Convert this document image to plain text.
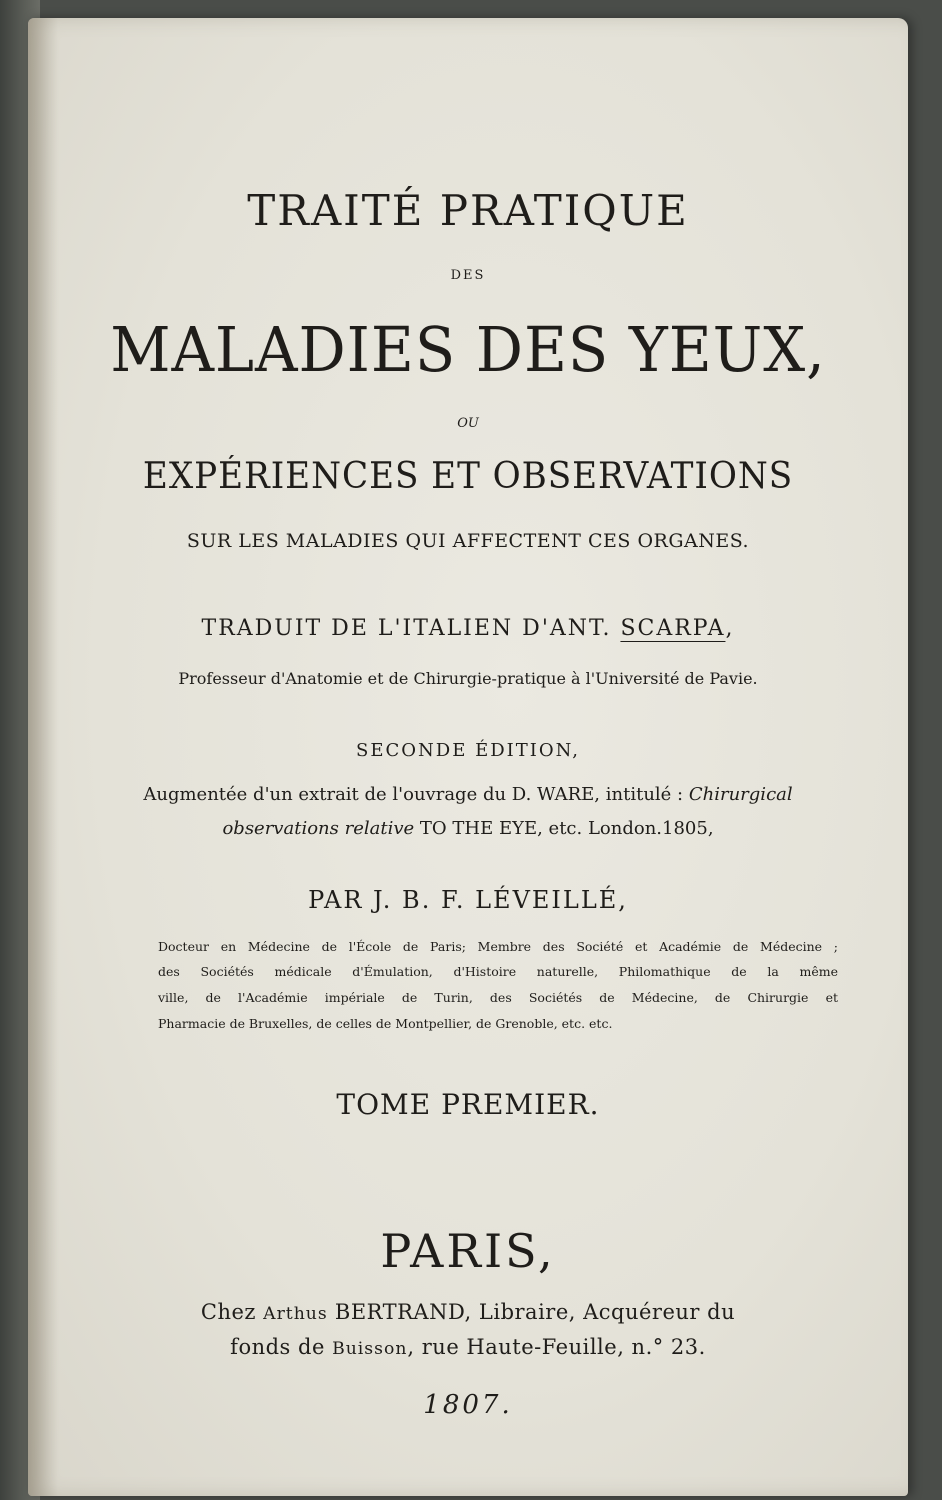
TRAITÉ PRATIQUE
DES
MALADIES DES YEUX,
OU
EXPÉRIENCES ET OBSERVATIONS
SUR LES MALADIES QUI AFFECTENT CES ORGANES.
TRADUIT DE L'ITALIEN D'ANT. SCARPA,
Professeur d'Anatomie et de Chirurgie-pratique à l'Université de Pavie.
SECONDE ÉDITION,
Augmentée d'un extrait de l'ouvrage du D. WARE, intitulé : Chirurgical
observations relative TO THE EYE, etc. London.1805,
PAR J. B. F. LÉVEILLÉ,
Docteur en Médecine de l'École de Paris; Membre des Société et Académie de Médecine ;
des Sociétés médicale d'Émulation, d'Histoire naturelle, Philomathique de la même
ville, de l'Académie impériale de Turin, des Sociétés de Médecine, de Chirurgie et
Pharmacie de Bruxelles, de celles de Montpellier, de Grenoble, etc. etc.
TOME PREMIER.
PARIS,
Chez Arthus BERTRAND, Libraire, Acquéreur du
fonds de Buisson, rue Haute-Feuille, n.° 23.
1807.
